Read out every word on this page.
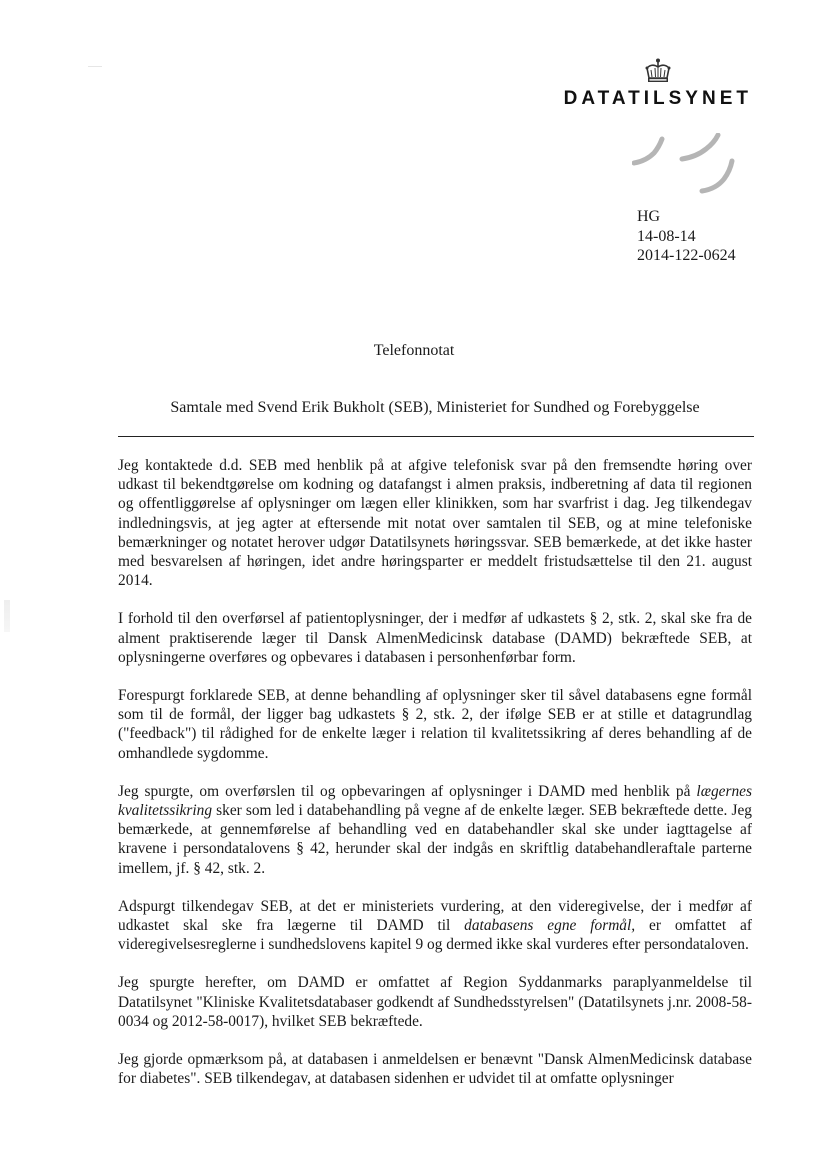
DATATILSYNET
HG
14-08-14
2014-122-0624
Telefonnotat
Samtale med Svend Erik Bukholt (SEB), Ministeriet for Sundhed og Forebyggelse

Jeg kontaktede d.d. SEB med henblik på at afgive telefonisk svar på den fremsendte høring over udkast til bekendtgørelse om kodning og datafangst i almen praksis, indberetning af data til regionen og offentliggørelse af oplysninger om lægen eller klinikken, som har svarfrist i dag. Jeg tilkendegav indledningsvis, at jeg agter at eftersende mit notat over samtalen til SEB, og at mine telefoniske bemærkninger og notatet herover udgør Datatilsynets høringssvar. SEB bemærkede, at det ikke haster med besvarelsen af høringen, idet andre høringsparter er meddelt fristudsættelse til den 21. august 2014.

I forhold til den overførsel af patientoplysninger, der i medfør af udkastets § 2, stk. 2, skal ske fra de alment praktiserende læger til Dansk AlmenMedicinsk database (DAMD) bekræftede SEB, at oplysningerne overføres og opbevares i databasen i personhenførbar form.

Forespurgt forklarede SEB, at denne behandling af oplysninger sker til såvel databasens egne formål som til de formål, der ligger bag udkastets § 2, stk. 2, der ifølge SEB er at stille et datagrundlag ("feedback") til rådighed for de enkelte læger i relation til kvalitetssikring af deres behandling af de omhandlede sygdomme.

Jeg spurgte, om overførslen til og opbevaringen af oplysninger i DAMD med henblik på lægernes kvalitetssikring sker som led i databehandling på vegne af de enkelte læger. SEB bekræftede dette. Jeg bemærkede, at gennemførelse af behandling ved en databehandler skal ske under iagttagelse af kravene i persondatalovens § 42, herunder skal der indgås en skriftlig databehandleraftale parterne imellem, jf. § 42, stk. 2.

Adspurgt tilkendegav SEB, at det er ministeriets vurdering, at den videregivelse, der i medfør af udkastet skal ske fra lægerne til DAMD til databasens egne formål, er omfattet af videregivelsesreglerne i sundhedslovens kapitel 9 og dermed ikke skal vurderes efter persondataloven.

Jeg spurgte herefter, om DAMD er omfattet af Region Syddanmarks paraplyanmeldelse til Datatilsynet "Kliniske Kvalitetsdatabaser godkendt af Sundhedsstyrelsen" (Datatilsynets j.nr. 2008-58-0034 og 2012-58-0017), hvilket SEB bekræftede.

Jeg gjorde opmærksom på, at databasen i anmeldelsen er benævnt "Dansk AlmenMedicinsk database for diabetes". SEB tilkendegav, at databasen sidenhen er udvidet til at omfatte oplysninger
